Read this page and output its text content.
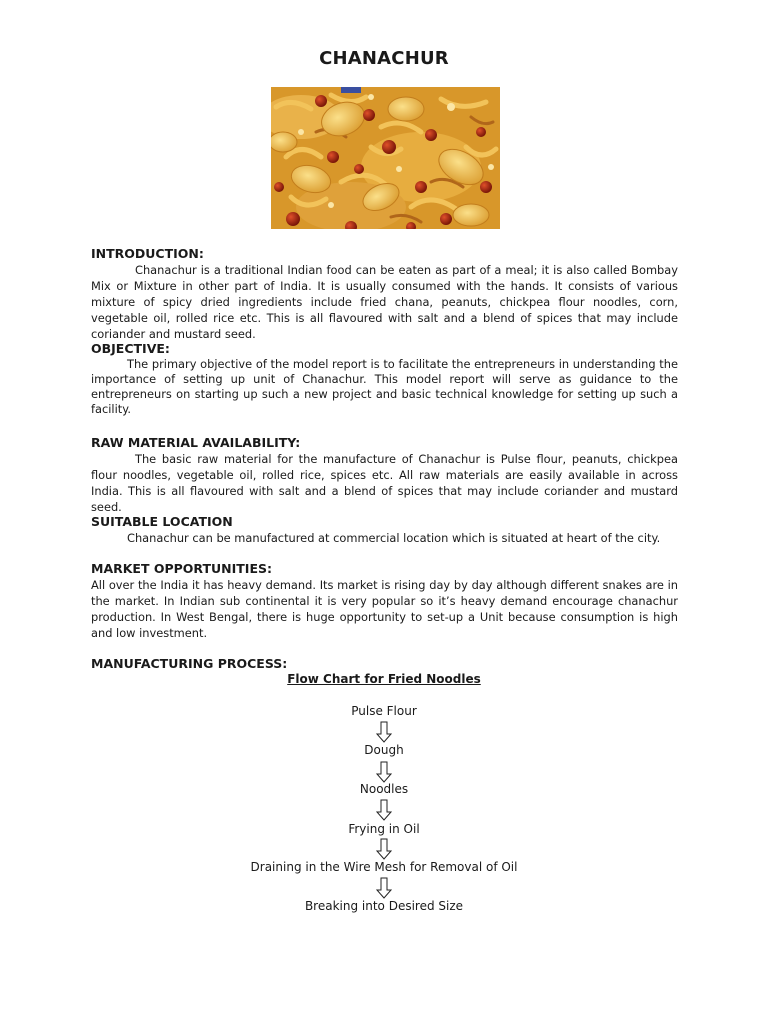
CHANACHUR

INTRODUCTION:

Chanachur is a traditional Indian food can be eaten as part of a meal; it is also called Bombay Mix or Mixture in other part of India. It is usually consumed with the hands. It consists of various mixture of spicy dried ingredients include fried chana, peanuts, chickpea flour noodles, corn, vegetable oil, rolled rice etc. This is all flavoured with salt and a blend of spices that may include coriander and mustard seed.

OBJECTIVE:

The primary objective of the model report is to facilitate the entrepreneurs in understanding the importance of setting up unit of Chanachur. This model report will serve as guidance to the entrepreneurs on starting up such a new project and basic technical knowledge for setting up such a facility.

RAW MATERIAL AVAILABILITY:

The basic raw material for the manufacture of Chanachur is Pulse flour, peanuts, chickpea flour noodles, vegetable oil, rolled rice, spices etc. All raw materials are easily available in across India. This is all flavoured with salt and a blend of spices that may include coriander and mustard seed.

SUITABLE LOCATION

Chanachur can be manufactured at commercial location which is situated at heart of the city.

MARKET OPPORTUNITIES:

All over the India it has heavy demand. Its market is rising day by day although different snakes are in the market. In Indian sub continental it is very popular so it’s heavy demand encourage chanachur production. In West Bengal, there is huge opportunity to set-up a Unit because consumption is high and low investment.

MANUFACTURING PROCESS:

Flow Chart for Fried Noodles
Pulse Flour
Dough
Noodles
Frying in Oil
Draining in the Wire Mesh for Removal of Oil
Breaking into Desired Size
